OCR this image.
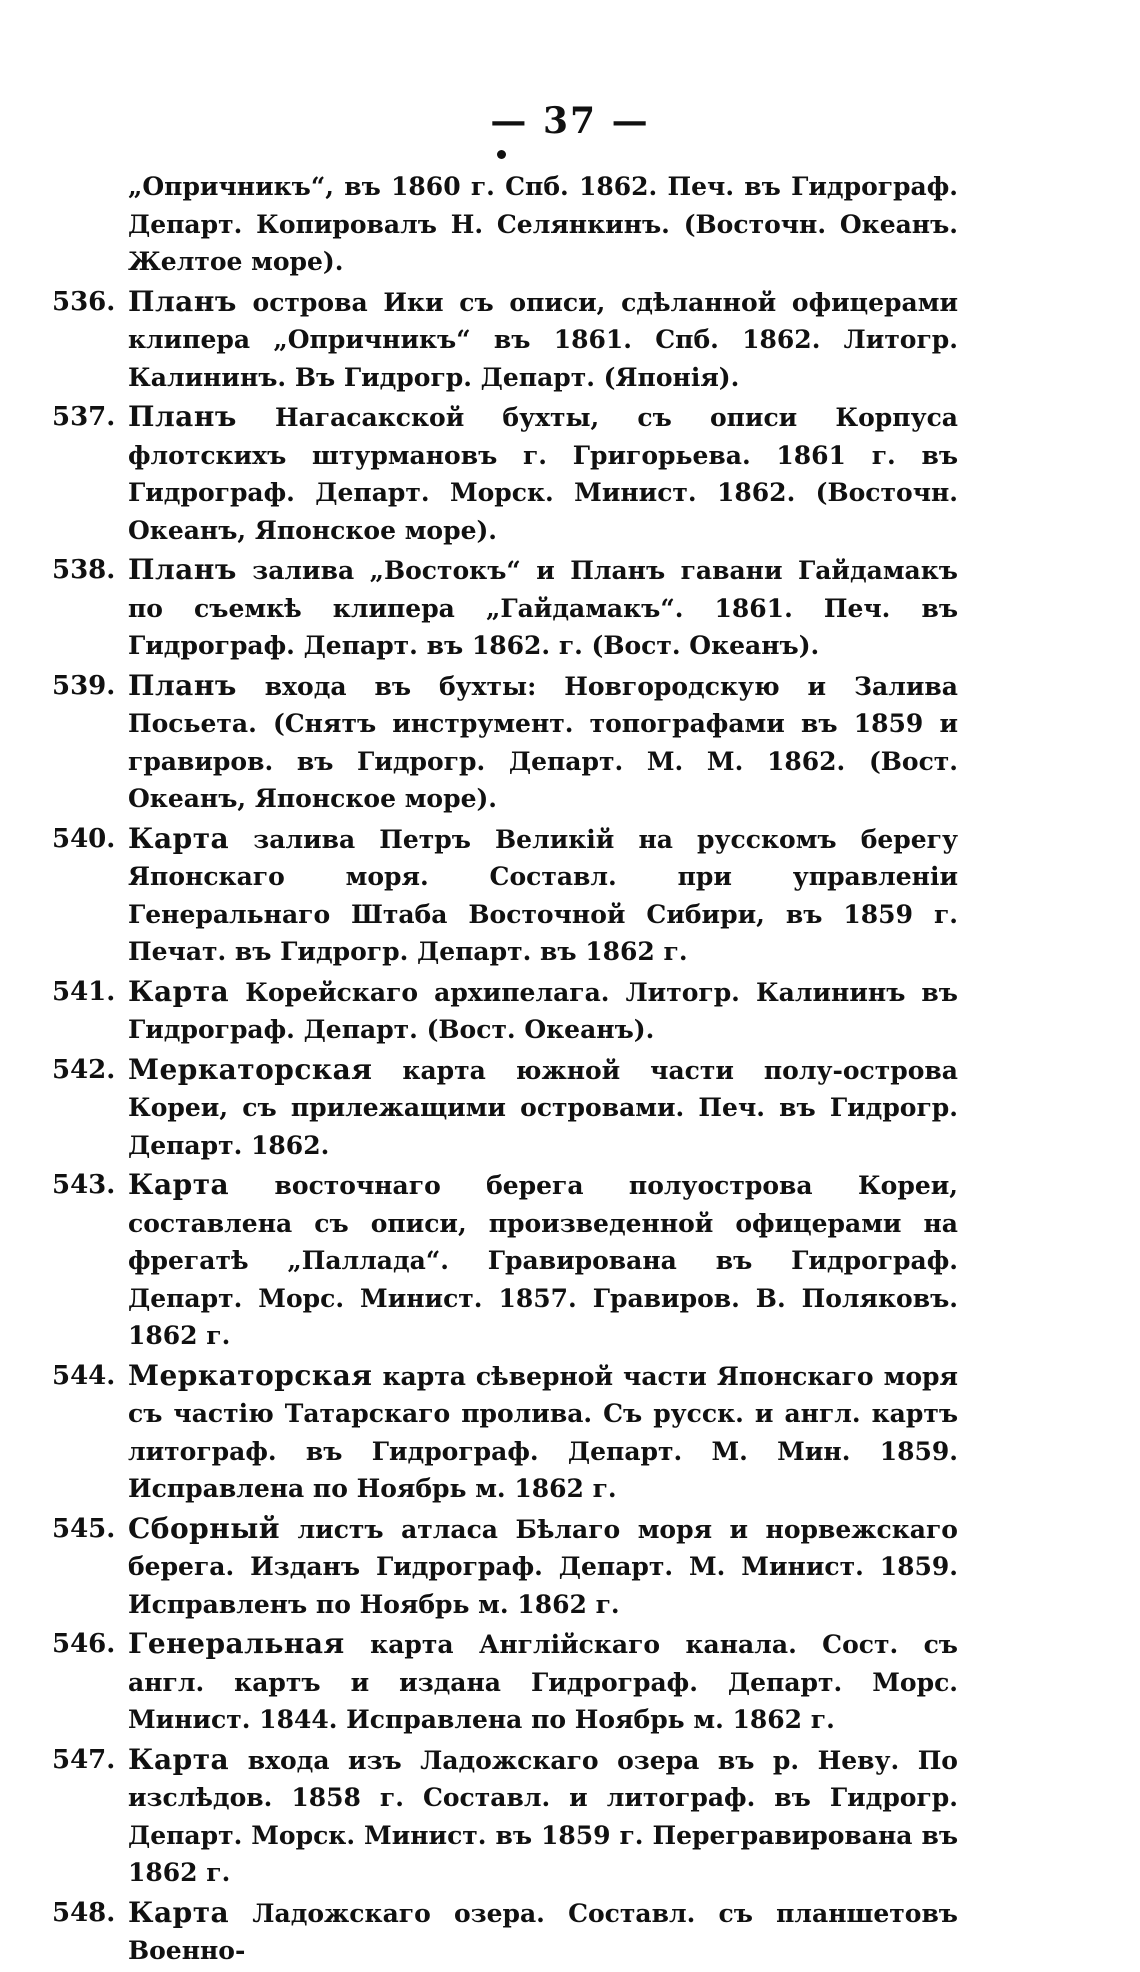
— 37 —
„Опричникъ“, въ 1860 г. Спб. 1862. Печ. въ Гидрограф. Департ. Копировалъ Н. Селянкинъ. (Восточн. Океанъ. Желтое море).
536. Планъ острова Ики съ описи, сдѣланной офицерами клипера „Опричникъ“ въ 1861. Спб. 1862. Литогр. Калининъ. Въ Гидрогр. Департ. (Японія).
537. Планъ Нагасакской бухты, съ описи Корпуса флотскихъ штурмановъ г. Григорьева. 1861 г. въ Гидрограф. Департ. Морск. Минист. 1862. (Восточн. Океанъ, Японское море).
538. Планъ залива „Востокъ“ и Планъ гавани Гайдамакъ по съемкѣ клипера „Гайдамакъ“. 1861. Печ. въ Гидрограф. Департ. въ 1862. г. (Вост. Океанъ).
539. Планъ входа въ бухты: Новгородскую и Залива Посьета. (Снятъ инструмент. топографами въ 1859 и гравиров. въ Гидрогр. Департ. М. М. 1862. (Вост. Океанъ, Японское море).
540. Карта залива Петръ Великій на русскомъ берегу Японскаго моря. Составл. при управленіи Генеральнаго Штаба Восточной Сибири, въ 1859 г. Печат. въ Гидрогр. Департ. въ 1862 г.
541. Карта Корейскаго архипелага. Литогр. Калининъ въ Гидрограф. Департ. (Вост. Океанъ).
542. Меркаторская карта южной части полу-острова Кореи, съ прилежащими островами. Печ. въ Гидрогр. Департ. 1862.
543. Карта восточнаго берега полуострова Кореи, составлена съ описи, произведенной офицерами на фрегатѣ „Паллада“. Гравирована въ Гидрограф. Департ. Морс. Минист. 1857. Гравиров. В. Поляковъ. 1862 г.
544. Меркаторская карта сѣверной части Японскаго моря съ частію Татарскаго пролива. Съ русск. и англ. картъ литограф. въ Гидрограф. Департ. М. Мин. 1859. Исправлена по Ноябрь м. 1862 г.
545. Сборный листъ атласа Бѣлаго моря и норвежскаго берега. Изданъ Гидрограф. Департ. М. Минист. 1859. Исправленъ по Ноябрь м. 1862 г.
546. Генеральная карта Англійскаго канала. Сост. съ англ. картъ и издана Гидрограф. Департ. Морс. Минист. 1844. Исправлена по Ноябрь м. 1862 г.
547. Карта входа изъ Ладожскаго озера въ р. Неву. По изслѣдов. 1858 г. Составл. и литограф. въ Гидрогр. Департ. Морск. Минист. въ 1859 г. Перегравирована въ 1862 г.
548. Карта Ладожскаго озера. Составл. съ планшетовъ Военно-
